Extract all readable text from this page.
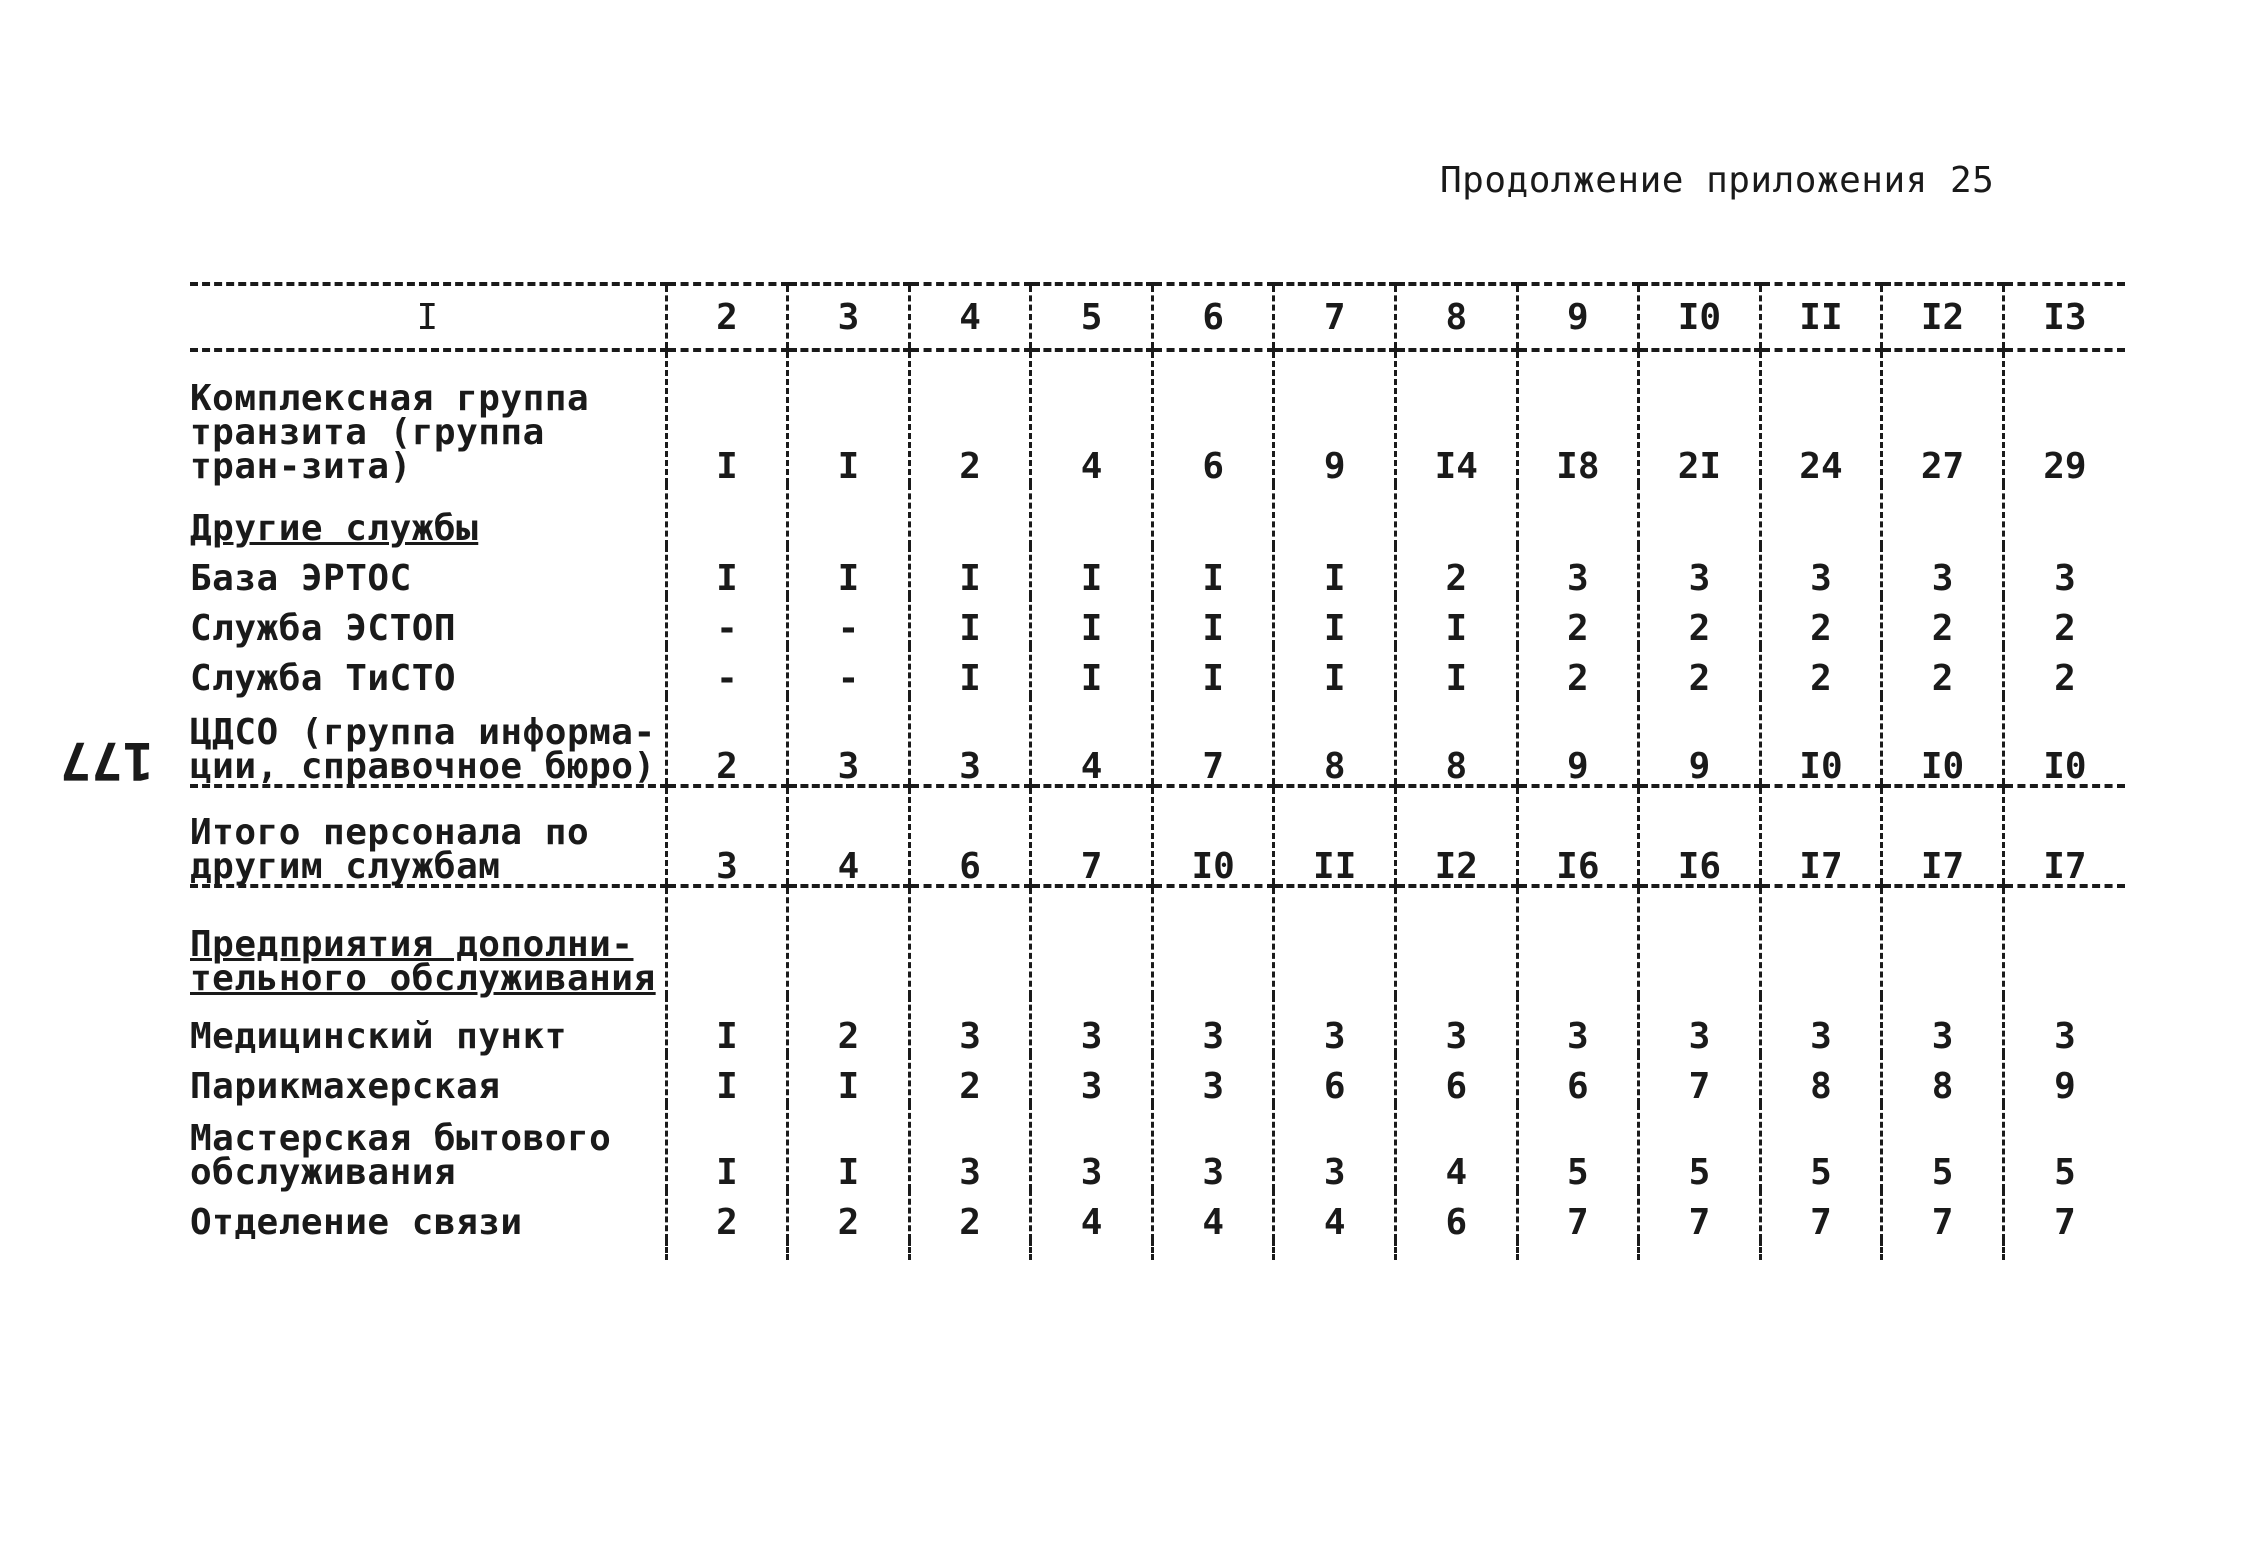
Продолжение приложения 25
177
I	2	3	4	5	6	7	8	9	I0	II	I2	I3
Комплексная группа транзита (группа тран-зита)	I	I	2	4	6	9	I4	I8	2I	24	27	29
Другие службы												
База ЭРТОС	I	I	I	I	I	I	2	3	3	3	3	3
Служба ЭСТОП	-	-	I	I	I	I	I	2	2	2	2	2
Служба ТиСТО	-	-	I	I	I	I	I	2	2	2	2	2
ЦДСО (группа информа-ции, справочное бюро)	2	3	3	4	7	8	8	9	9	I0	I0	I0
Итого персонала по другим службам	3	4	6	7	I0	II	I2	I6	I6	I7	I7	I7
Предприятия дополни-тельного обслуживания												
Медицинский пункт	I	2	3	3	3	3	3	3	3	3	3	3
Парикмахерская	I	I	2	3	3	6	6	6	7	8	8	9
Мастерская бытового обслуживания	I	I	3	3	3	3	4	5	5	5	5	5
Отделение связи	2	2	2	4	4	4	6	7	7	7	7	7
